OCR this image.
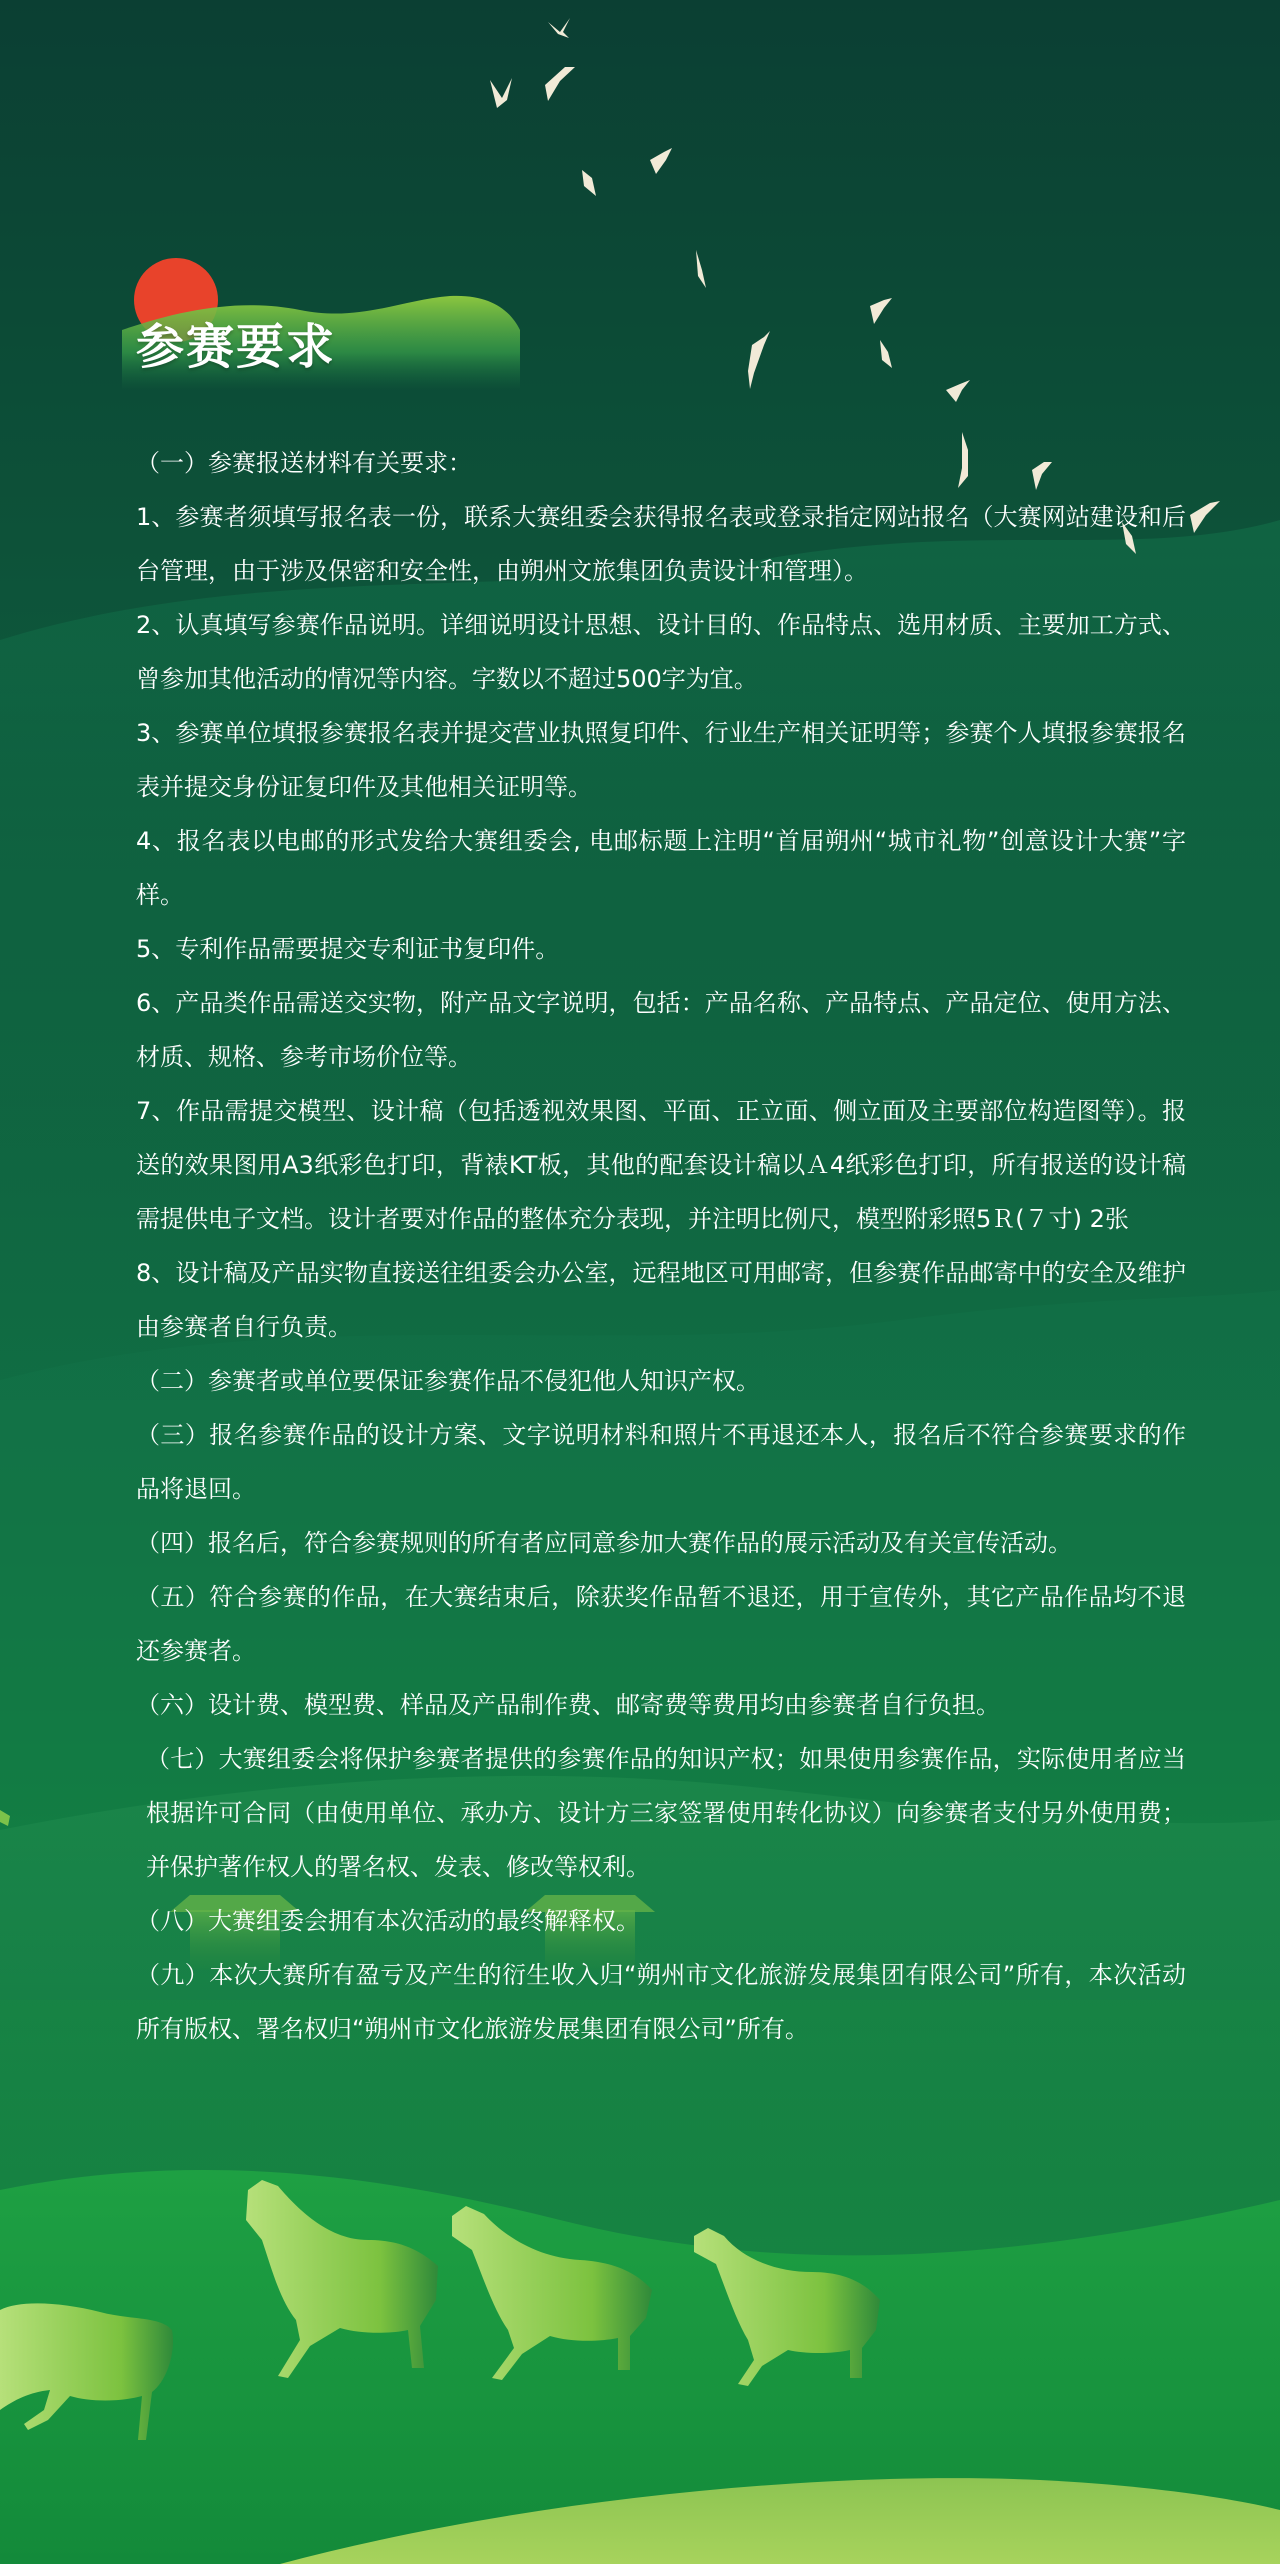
参赛要求

（一）参赛报送材料有关要求：

1、参赛者须填写报名表一份，联系大赛组委会获得报名表或登录指定网站报名（大赛网站建设和后台管理，由于涉及保密和安全性，由朔州文旅集团负责设计和管理）。

2、认真填写参赛作品说明。详细说明设计思想、设计目的、作品特点、选用材质、主要加工方式、曾参加其他活动的情况等内容。字数以不超过500字为宜。

3、参赛单位填报参赛报名表并提交营业执照复印件、行业生产相关证明等；参赛个人填报参赛报名表并提交身份证复印件及其他相关证明等。

4、报名表以电邮的形式发给大赛组委会, 电邮标题上注明“首届朔州“城市礼物”创意设计大赛”字样。

5、专利作品需要提交专利证书复印件。

6、产品类作品需送交实物，附产品文字说明，包括：产品名称、产品特点、产品定位、使用方法、材质、规格、参考市场价位等。

7、作品需提交模型、设计稿（包括透视效果图、平面、正立面、侧立面及主要部位构造图等）。报送的效果图用A3纸彩色打印，背裱KT板，其他的配套设计稿以Ａ4纸彩色打印，所有报送的设计稿需提供电子文档。设计者要对作品的整体充分表现，并注明比例尺，模型附彩照5Ｒ(７寸) 2张

8、设计稿及产品实物直接送往组委会办公室，远程地区可用邮寄，但参赛作品邮寄中的安全及维护由参赛者自行负责。

（二）参赛者或单位要保证参赛作品不侵犯他人知识产权。

（三）报名参赛作品的设计方案、文字说明材料和照片不再退还本人，报名后不符合参赛要求的作品将退回。

（四）报名后，符合参赛规则的所有者应同意参加大赛作品的展示活动及有关宣传活动。

（五）符合参赛的作品，在大赛结束后，除获奖作品暂不退还，用于宣传外，其它产品作品均不退还参赛者。

（六）设计费、模型费、样品及产品制作费、邮寄费等费用均由参赛者自行负担。

（七）大赛组委会将保护参赛者提供的参赛作品的知识产权；如果使用参赛作品，实际使用者应当根据许可合同（由使用单位、承办方、设计方三家签署使用转化协议）向参赛者支付另外使用费；并保护著作权人的署名权、发表、修改等权利。

（八）大赛组委会拥有本次活动的最终解释权。

（九）本次大赛所有盈亏及产生的衍生收入归“朔州市文化旅游发展集团有限公司”所有，本次活动所有版权、署名权归“朔州市文化旅游发展集团有限公司”所有。
